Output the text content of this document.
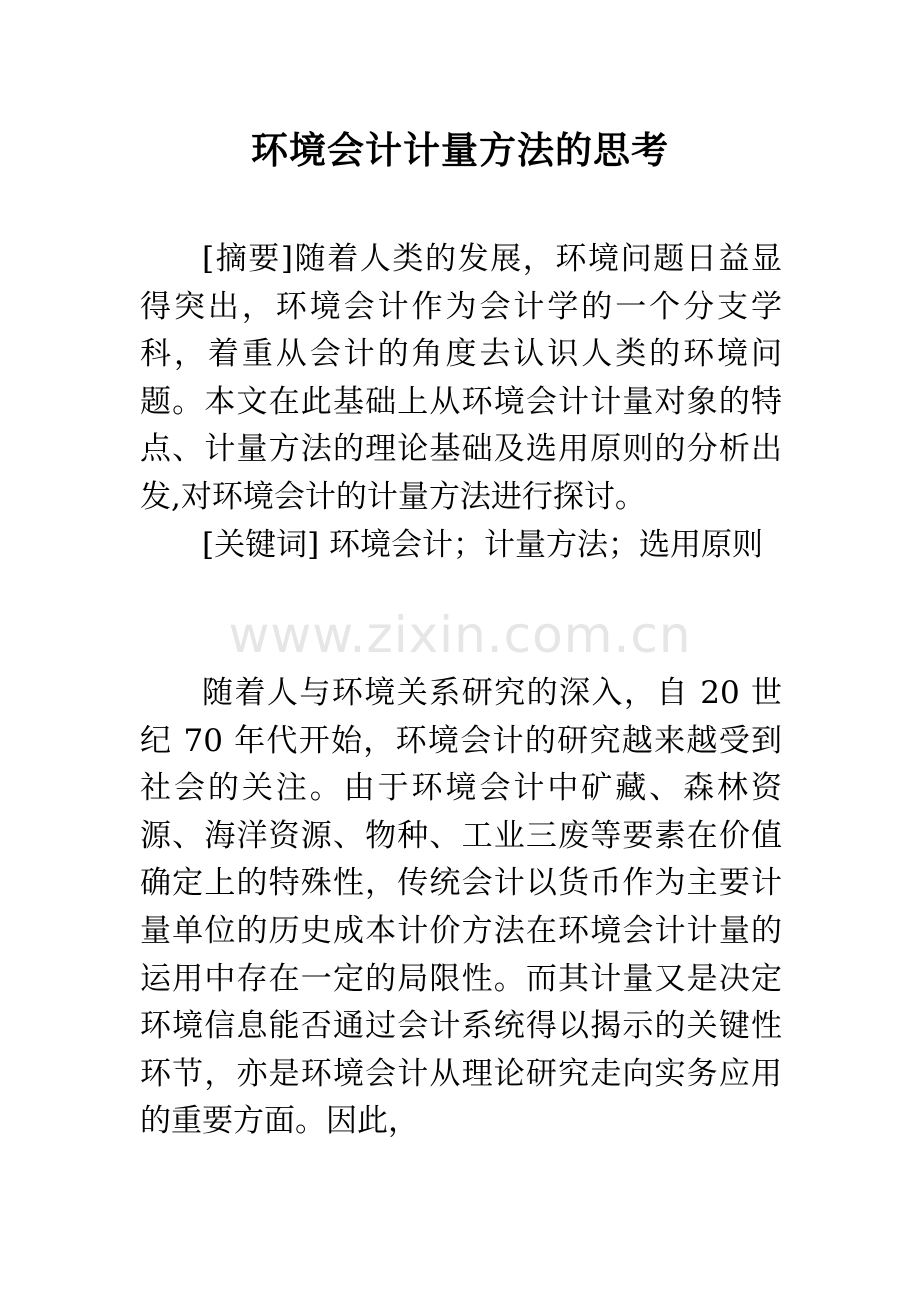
环境会计计量方法的思考

[摘要]随着人类的发展，环境问题日益显得突出，环境会计作为会计学的一个分支学科，着重从会计的角度去认识人类的环境问题。本文在此基础上从环境会计计量对象的特点、计量方法的理论基础及选用原则的分析出发,对环境会计的计量方法进行探讨。

[关键词] 环境会计；计量方法；选用原则

www.zixin.com.cn

随着人与环境关系研究的深入，自 20 世纪 70 年代开始，环境会计的研究越来越受到社会的关注。由于环境会计中矿藏、森林资源、海洋资源、物种、工业三废等要素在价值确定上的特殊性，传统会计以货币作为主要计量单位的历史成本计价方法在环境会计计量的运用中存在一定的局限性。而其计量又是决定环境信息能否通过会计系统得以揭示的关键性环节，亦是环境会计从理论研究走向实务应用的重要方面。因此，
